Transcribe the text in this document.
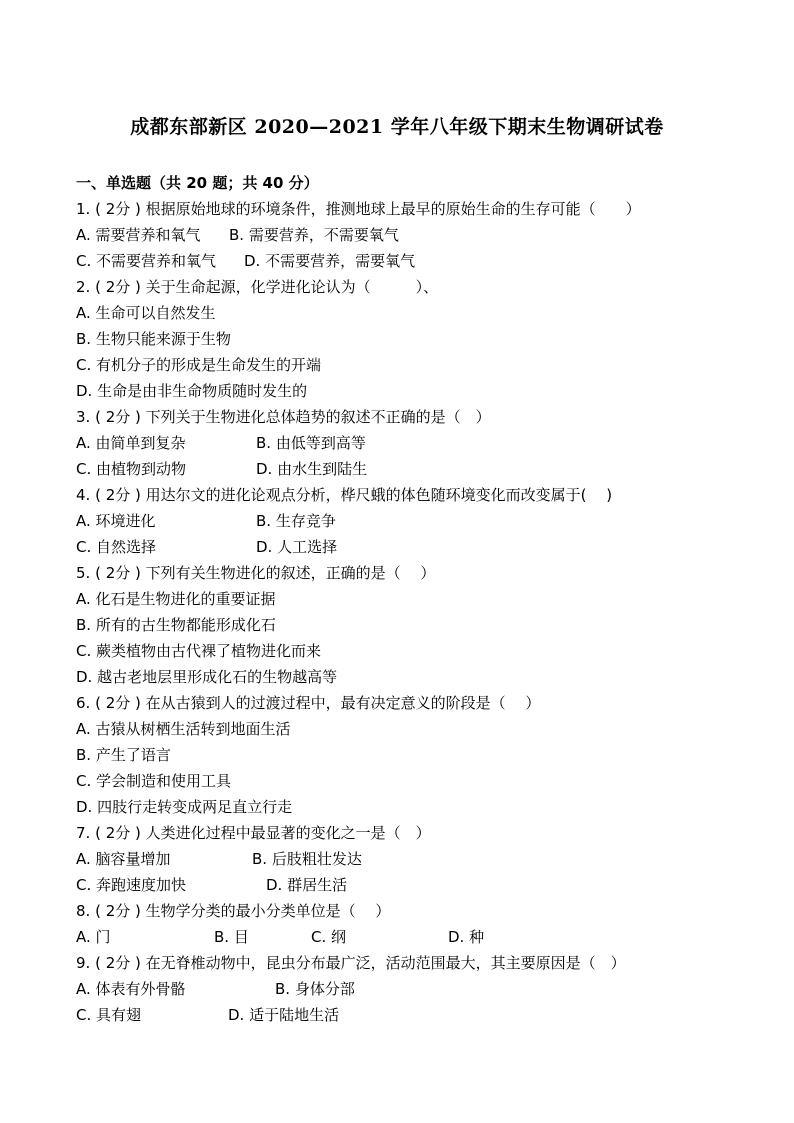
成都东部新区 2020—2021 学年八年级下期末生物调研试卷
一、单选题（共 20 题；共 40 分）
1. ( 2分 ) 根据原始地球的环境条件，推测地球上最早的原始生命的生存可能（　　）
A. 需要营养和氧气 B. 需要营养，不需要氧气
C. 不需要营养和氧气 D. 不需要营养，需要氧气
2. ( 2分 ) 关于生命起源，化学进化论认为（　　　）、
A. 生命可以自然发生
B. 生物只能来源于生物
C. 有机分子的形成是生命发生的开端
D. 生命是由非生命物质随时发生的
3. ( 2分 ) 下列关于生物进化总体趋势的叙述不正确的是（　）
A. 由简单到复杂	B. 由低等到高等
C. 由植物到动物	D. 由水生到陆生
4. ( 2分 ) 用达尔文的进化论观点分析，桦尺蛾的体色随环境变化而改变属于(　 )
A. 环境进化	B. 生存竞争
C. 自然选择	D. 人工选择
5. ( 2分 ) 下列有关生物进化的叙述，正确的是（　 ）
A. 化石是生物进化的重要证据
B. 所有的古生物都能形成化石
C. 蕨类植物由古代裸了植物进化而来
D. 越古老地层里形成化石的生物越高等
6. ( 2分 ) 在从古猿到人的过渡过程中，最有决定意义的阶段是（　 ）
A. 古猿从树栖生活转到地面生活
B. 产生了语言
C. 学会制造和使用工具
D. 四肢行走转变成两足直立行走
7. ( 2分 ) 人类进化过程中最显著的变化之一是（　）
A. 脑容量增加	B. 后肢粗壮发达
C. 奔跑速度加快	D. 群居生活
8. ( 2分 ) 生物学分类的最小分类单位是（　 ）
A. 门	B. 目	C. 纲	D. 种
9. ( 2分 ) 在无脊椎动物中，昆虫分布最广泛，活动范围最大，其主要原因是（　）
A. 体表有外骨骼	B. 身体分部
C. 具有翅	D. 适于陆地生活
